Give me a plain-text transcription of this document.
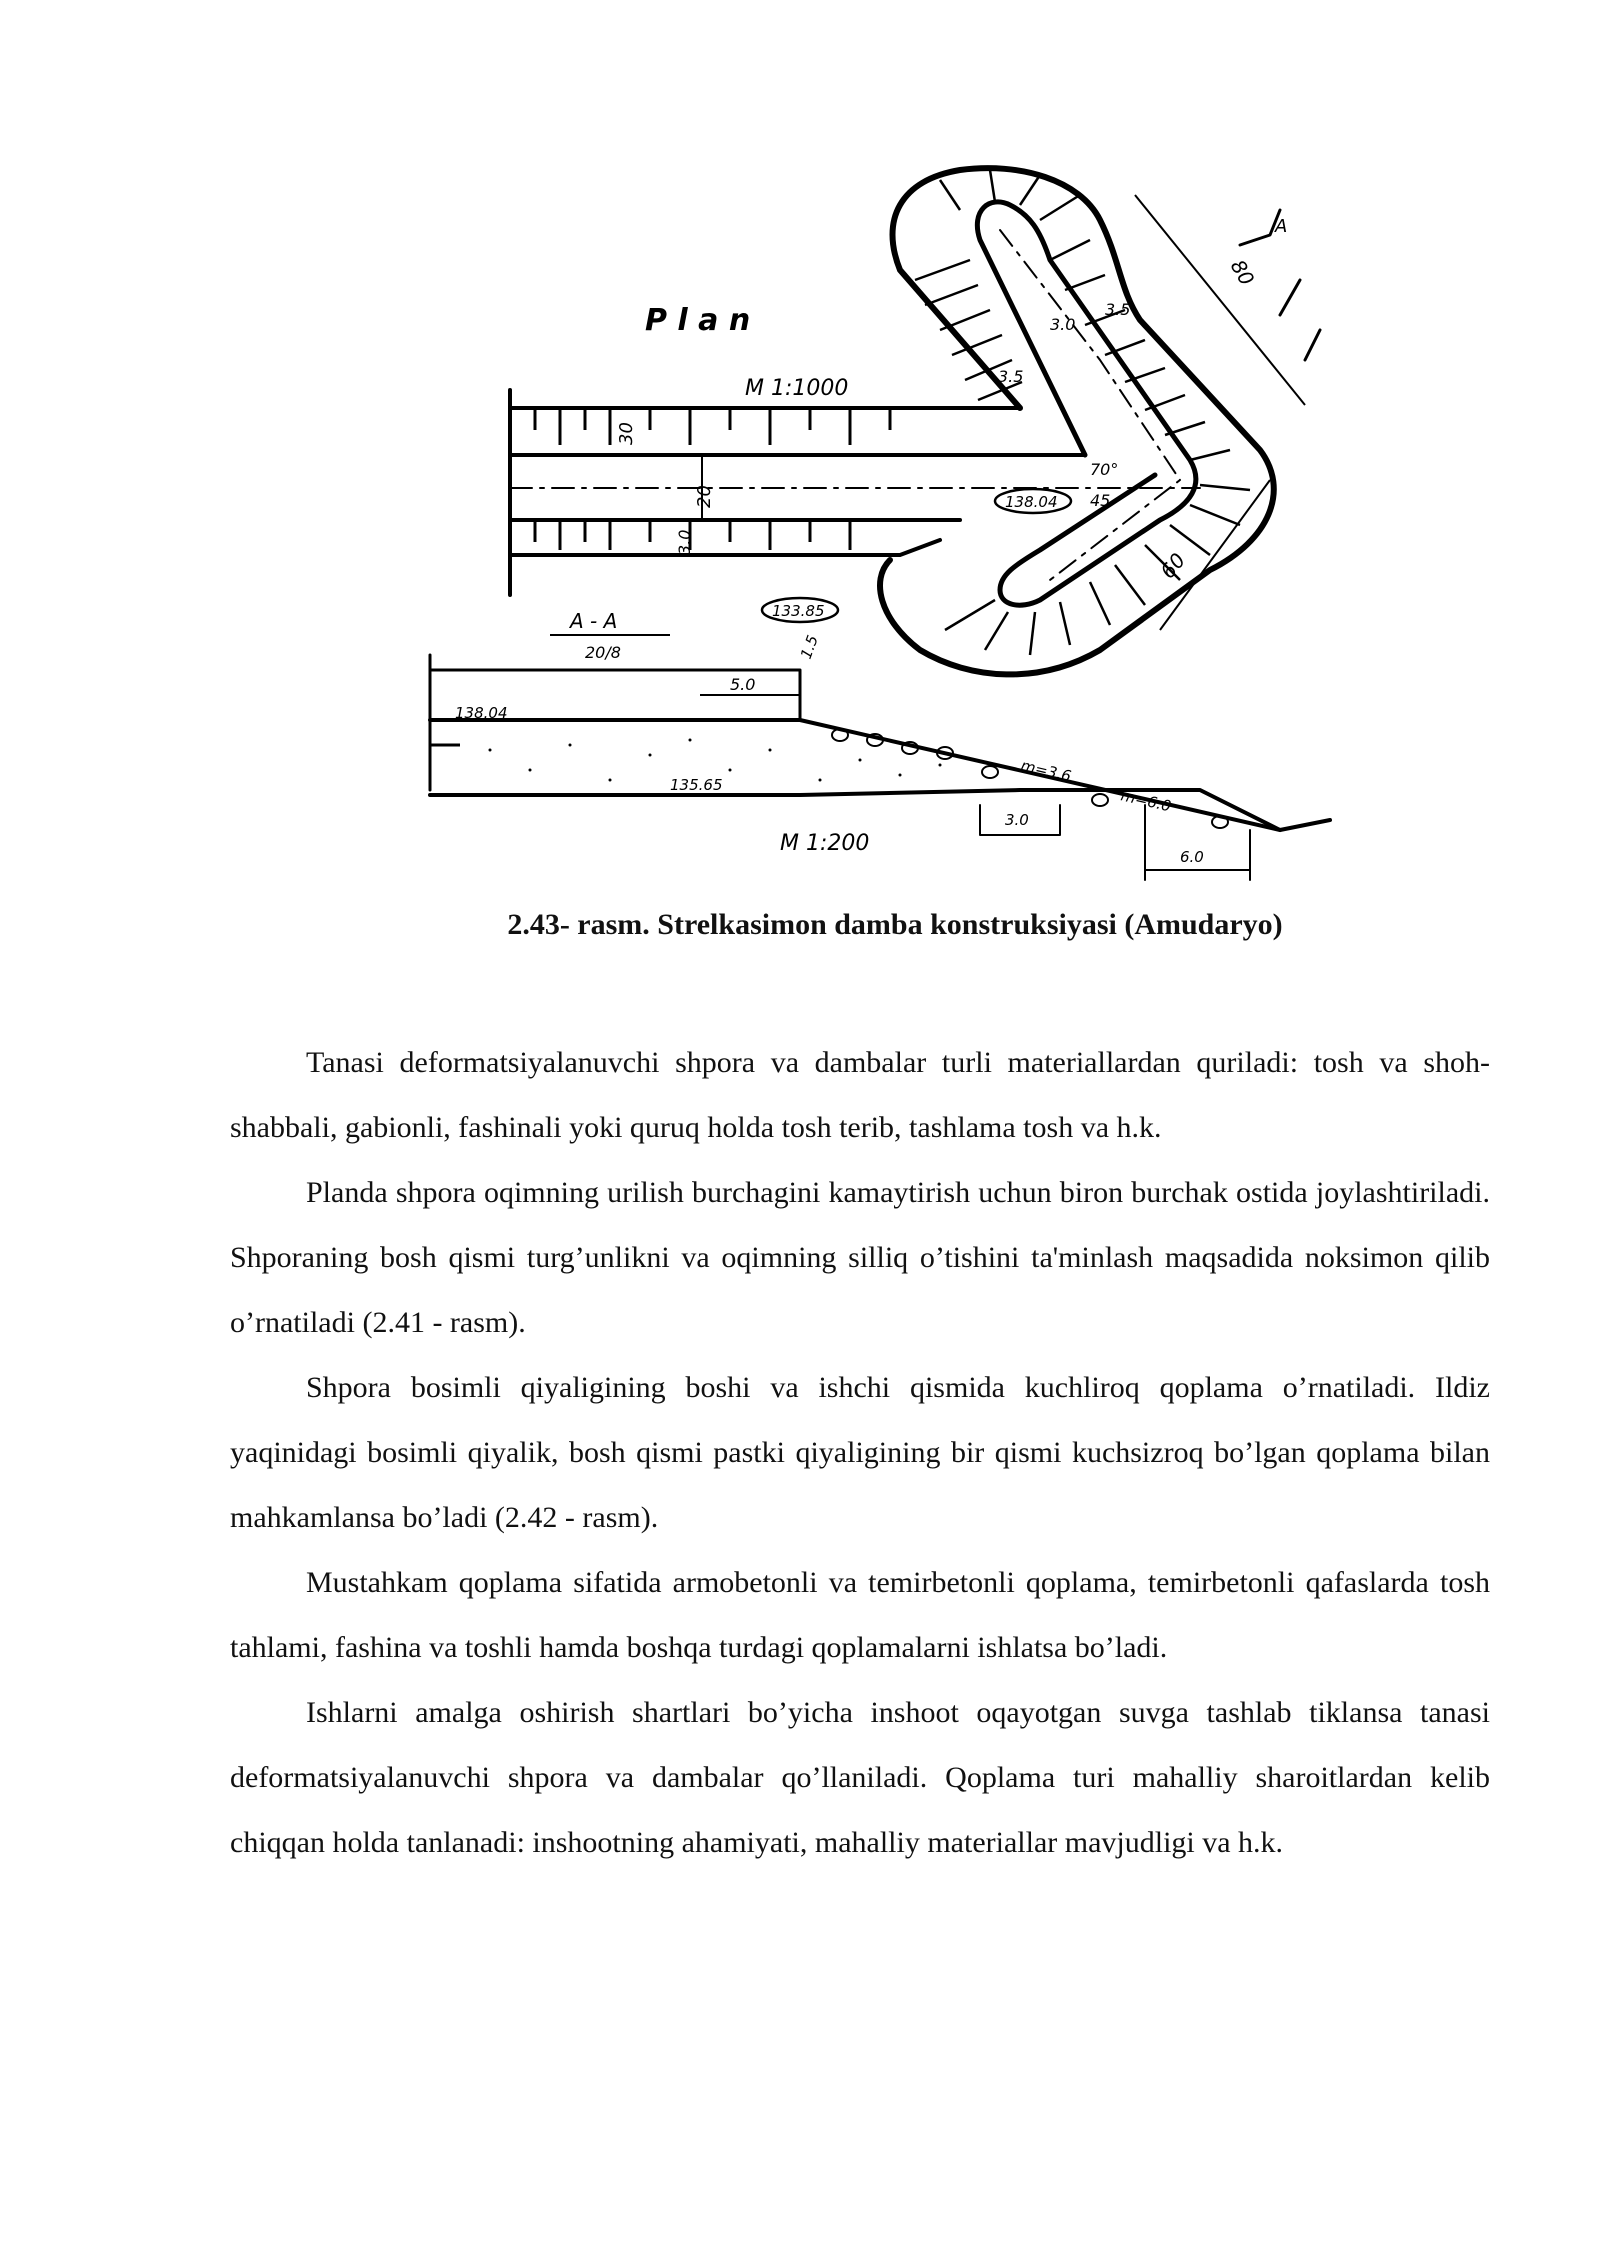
P l a n
M 1:1000
30
20
3.0
80
60
3.0
3.5
3.5
70°
45
138.04
133.85
A
A - A
20/8
138.04
135.65
5.0
1.5
m=3.6
m=6.0
M 1:200
3.0
6.0
2.43- rasm. Strelkasimon damba konstruksiyasi (Amudaryo)

Tanasi deformatsiyalanuvchi shpora va dambalar turli materiallardan quriladi: tosh va shoh-shabbali, gabionli, fashinali yoki quruq holda tosh terib, tashlama tosh va h.k.

Planda shpora oqimning urilish burchagini kamaytirish uchun biron burchak ostida joylashtiriladi. Shporaning bosh qismi turg’unlikni va oqimning silliq o’tishini ta'minlash maqsadida noksimon qilib o’rnatiladi (2.41 - rasm).

Shpora bosimli qiyaligining boshi va ishchi qismida kuchliroq qoplama o’rnatiladi. Ildiz yaqinidagi bosimli qiyalik, bosh qismi pastki qiyaligining bir qismi kuchsizroq bo’lgan qoplama bilan mahkamlansa bo’ladi (2.42 - rasm).

Mustahkam qoplama sifatida armobetonli va temirbetonli qoplama, temirbetonli qafaslarda tosh tahlami, fashina va toshli hamda boshqa turdagi qoplamalarni ishlatsa bo’ladi.

Ishlarni amalga oshirish shartlari bo’yicha inshoot oqayotgan suvga tashlab tiklansa tanasi deformatsiyalanuvchi shpora va dambalar qo’llaniladi. Qoplama turi mahalliy sharoitlardan kelib chiqqan holda tanlanadi: inshootning ahamiyati, mahalliy materiallar mavjudligi va h.k.
